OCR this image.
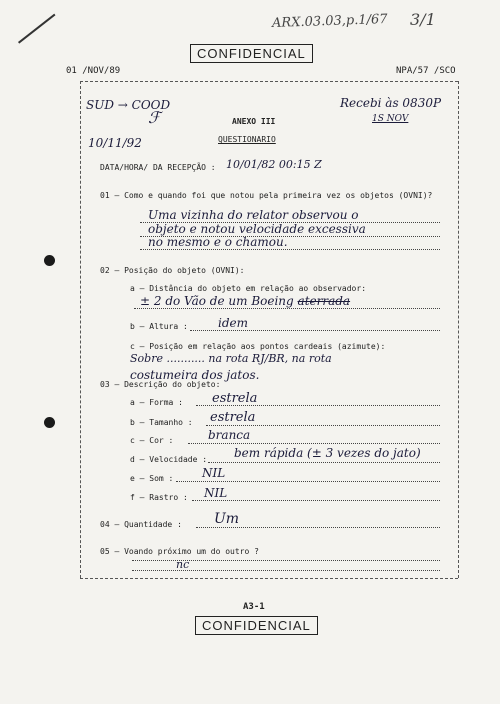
ARX.03.03,p.1/67 3/1
CONFIDENCIAL
01 /NOV/89	NPA/57 /SCO
SUD → COOD
ℱ	ANEXO III
QUESTIONARIO
Recebi às 0830P
1S NOV
10/11/92
DATA/HORA/ DA RECEPÇÃO : 10/01/82 00:15 Z
01 – Como e quando foi que notou pela primeira vez os objetos (OVNI)?
Uma vizinha do relator observou o
objeto e notou velocidade excessiva
no mesmo e o chamou.
02 – Posição do objeto (OVNI):
a – Distância do objeto em relação ao observador:
± 2 do Vão de um Boeing aterrada
b – Altura :	idem
c – Posição em relação aos pontos cardeais (azimute):
Sobre ........... na rota RJ/BR, na rota
costumeira dos jatos.
03 – Descrição do objeto:
a – Forma : estrela
b – Tamanho : estrela
c – Cor :	branca
d – Velocidade : bem rápida (± 3 vezes do jato)
e – Som : NIL
f – Rastro : NIL
04 – Quantidade : Um
05 – Voando próximo um do outro ?
nc
A3-1
CONFIDENCIAL
